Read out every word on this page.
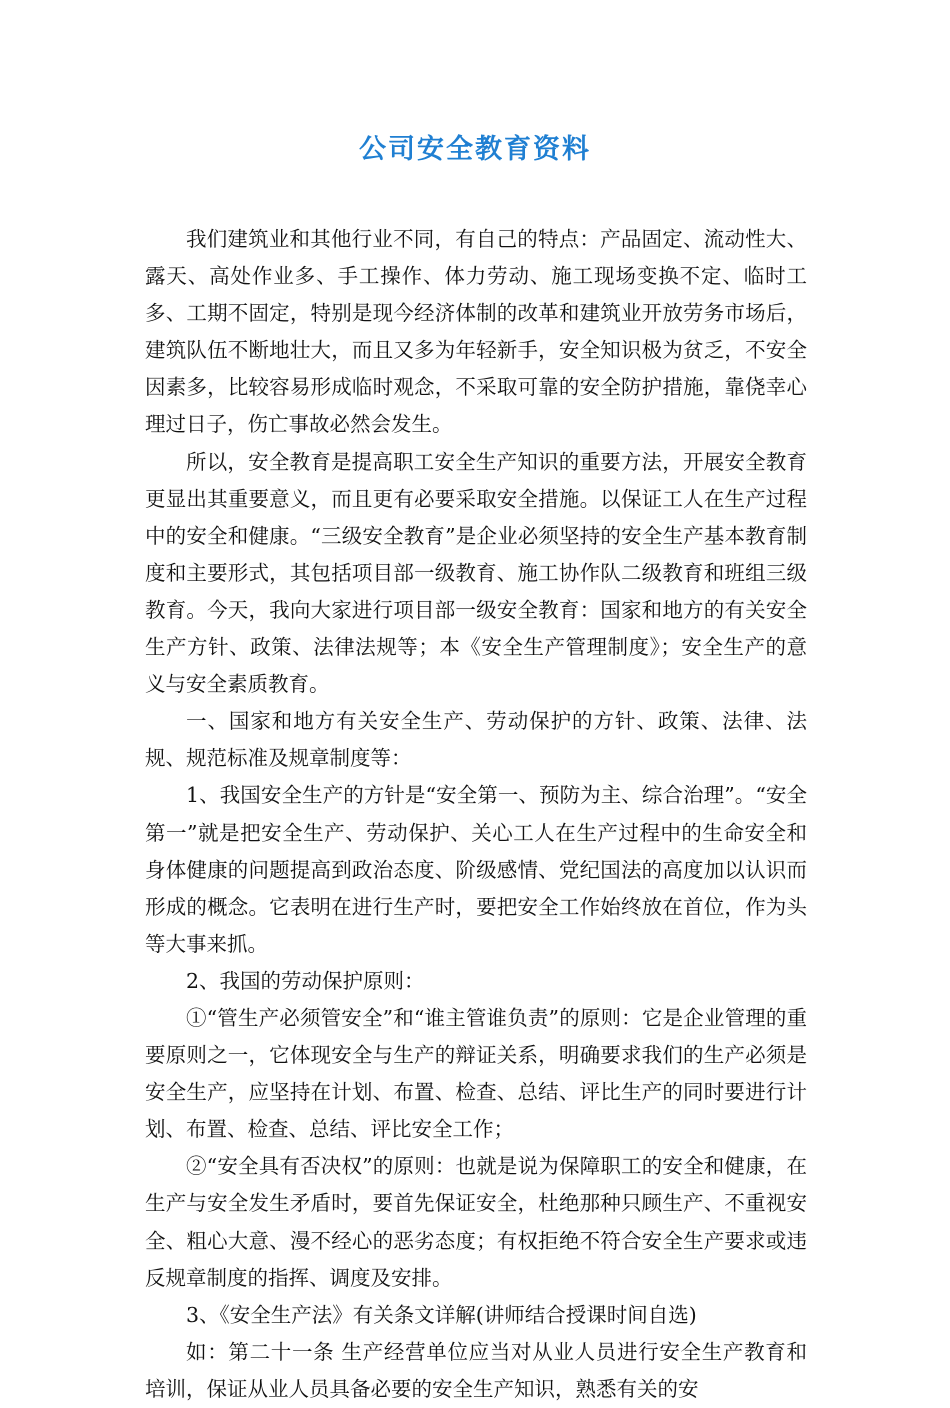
公司安全教育资料

我们建筑业和其他行业不同，有自己的特点：产品固定、流动性大、露天、高处作业多、手工操作、体力劳动、施工现场变换不定、临时工多、工期不固定，特别是现今经济体制的改革和建筑业开放劳务市场后，建筑队伍不断地壮大，而且又多为年轻新手，安全知识极为贫乏，不安全因素多，比较容易形成临时观念，不采取可靠的安全防护措施，靠侥幸心理过日子，伤亡事故必然会发生。

所以，安全教育是提高职工安全生产知识的重要方法，开展安全教育更显出其重要意义，而且更有必要采取安全措施。以保证工人在生产过程中的安全和健康。“三级安全教育”是企业必须坚持的安全生产基本教育制度和主要形式，其包括项目部一级教育、施工协作队二级教育和班组三级教育。今天，我向大家进行项目部一级安全教育：国家和地方的有关安全生产方针、政策、法律法规等；本《安全生产管理制度》；安全生产的意义与安全素质教育。

一、国家和地方有关安全生产、劳动保护的方针、政策、法律、法规、规范标准及规章制度等：

1、我国安全生产的方针是“安全第一、预防为主、综合治理”。“安全第一”就是把安全生产、劳动保护、关心工人在生产过程中的生命安全和身体健康的问题提高到政治态度、阶级感情、党纪国法的高度加以认识而形成的概念。它表明在进行生产时，要把安全工作始终放在首位，作为头等大事来抓。

2、我国的劳动保护原则：

①“管生产必须管安全”和“谁主管谁负责”的原则：它是企业管理的重要原则之一，它体现安全与生产的辩证关系，明确要求我们的生产必须是安全生产，应坚持在计划、布置、检查、总结、评比生产的同时要进行计划、布置、检查、总结、评比安全工作；

②“安全具有否决权”的原则：也就是说为保障职工的安全和健康，在生产与安全发生矛盾时，要首先保证安全，杜绝那种只顾生产、不重视安全、粗心大意、漫不经心的恶劣态度；有权拒绝不符合安全生产要求或违反规章制度的指挥、调度及安排。

3、《安全生产法》有关条文详解(讲师结合授课时间自选)

如：第二十一条 生产经营单位应当对从业人员进行安全生产教育和培训，保证从业人员具备必要的安全生产知识，熟悉有关的安
